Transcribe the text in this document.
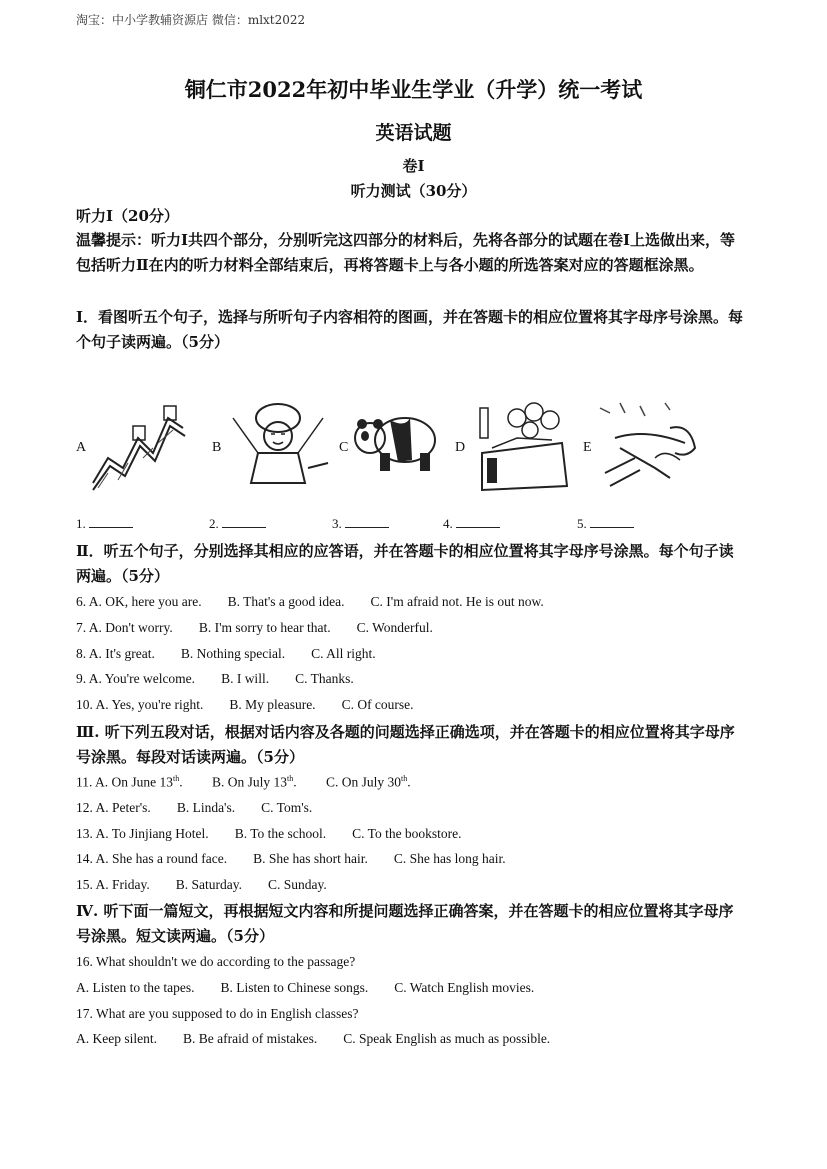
淘宝：中小学教辅资源店 微信：mlxt2022
铜仁市2022年初中毕业生学业（升学）统一考试
英语试题
卷Ⅰ
听力测试（30分）
听力Ⅰ（20分）
温馨提示：听力Ⅰ共四个部分，分别听完这四部分的材料后，先将各部分的试题在卷Ⅰ上选做出来，等包括听力Ⅱ在内的听力材料全部结束后，再将答题卡上与各小题的所选答案对应的答题框涂黑。
Ⅰ．看图听五个句子，选择与所听句子内容相符的图画，并在答题卡的相应位置将其字母序号涂黑。每个句子读两遍。（5分）
A	B	C	D	E
1.	2.	3.	4.	5.
Ⅱ．听五个句子，分别选择其相应的应答语，并在答题卡的相应位置将其字母序号涂黑。每个句子读两遍。（5分）
6. A. OK, here you are. B. That's a good idea. C. I'm afraid not. He is out now.
7. A. Don't worry. B. I'm sorry to hear that. C. Wonderful.
8. A. It's great. B. Nothing special. C. All right.
9. A. You're welcome. B. I will. C. Thanks.
10. A. Yes, you're right. B. My pleasure. C. Of course.
Ⅲ. 听下列五段对话，根据对话内容及各题的问题选择正确选项，并在答题卡的相应位置将其字母序号涂黑。每段对话读两遍。（5分）
11. A. On June 13th. B. On July 13th. C. On July 30th.
12. A. Peter's. B. Linda's. C. Tom's.
13. A. To Jinjiang Hotel. B. To the school. C. To the bookstore.
14. A. She has a round face. B. She has short hair. C. She has long hair.
15. A. Friday. B. Saturday. C. Sunday.
Ⅳ. 听下面一篇短文，再根据短文内容和所提问题选择正确答案，并在答题卡的相应位置将其字母序号涂黑。短文读两遍。（5分）
16. What shouldn't we do according to the passage?
A. Listen to the tapes. B. Listen to Chinese songs. C. Watch English movies.
17. What are you supposed to do in English classes?
A. Keep silent. B. Be afraid of mistakes. C. Speak English as much as possible.
